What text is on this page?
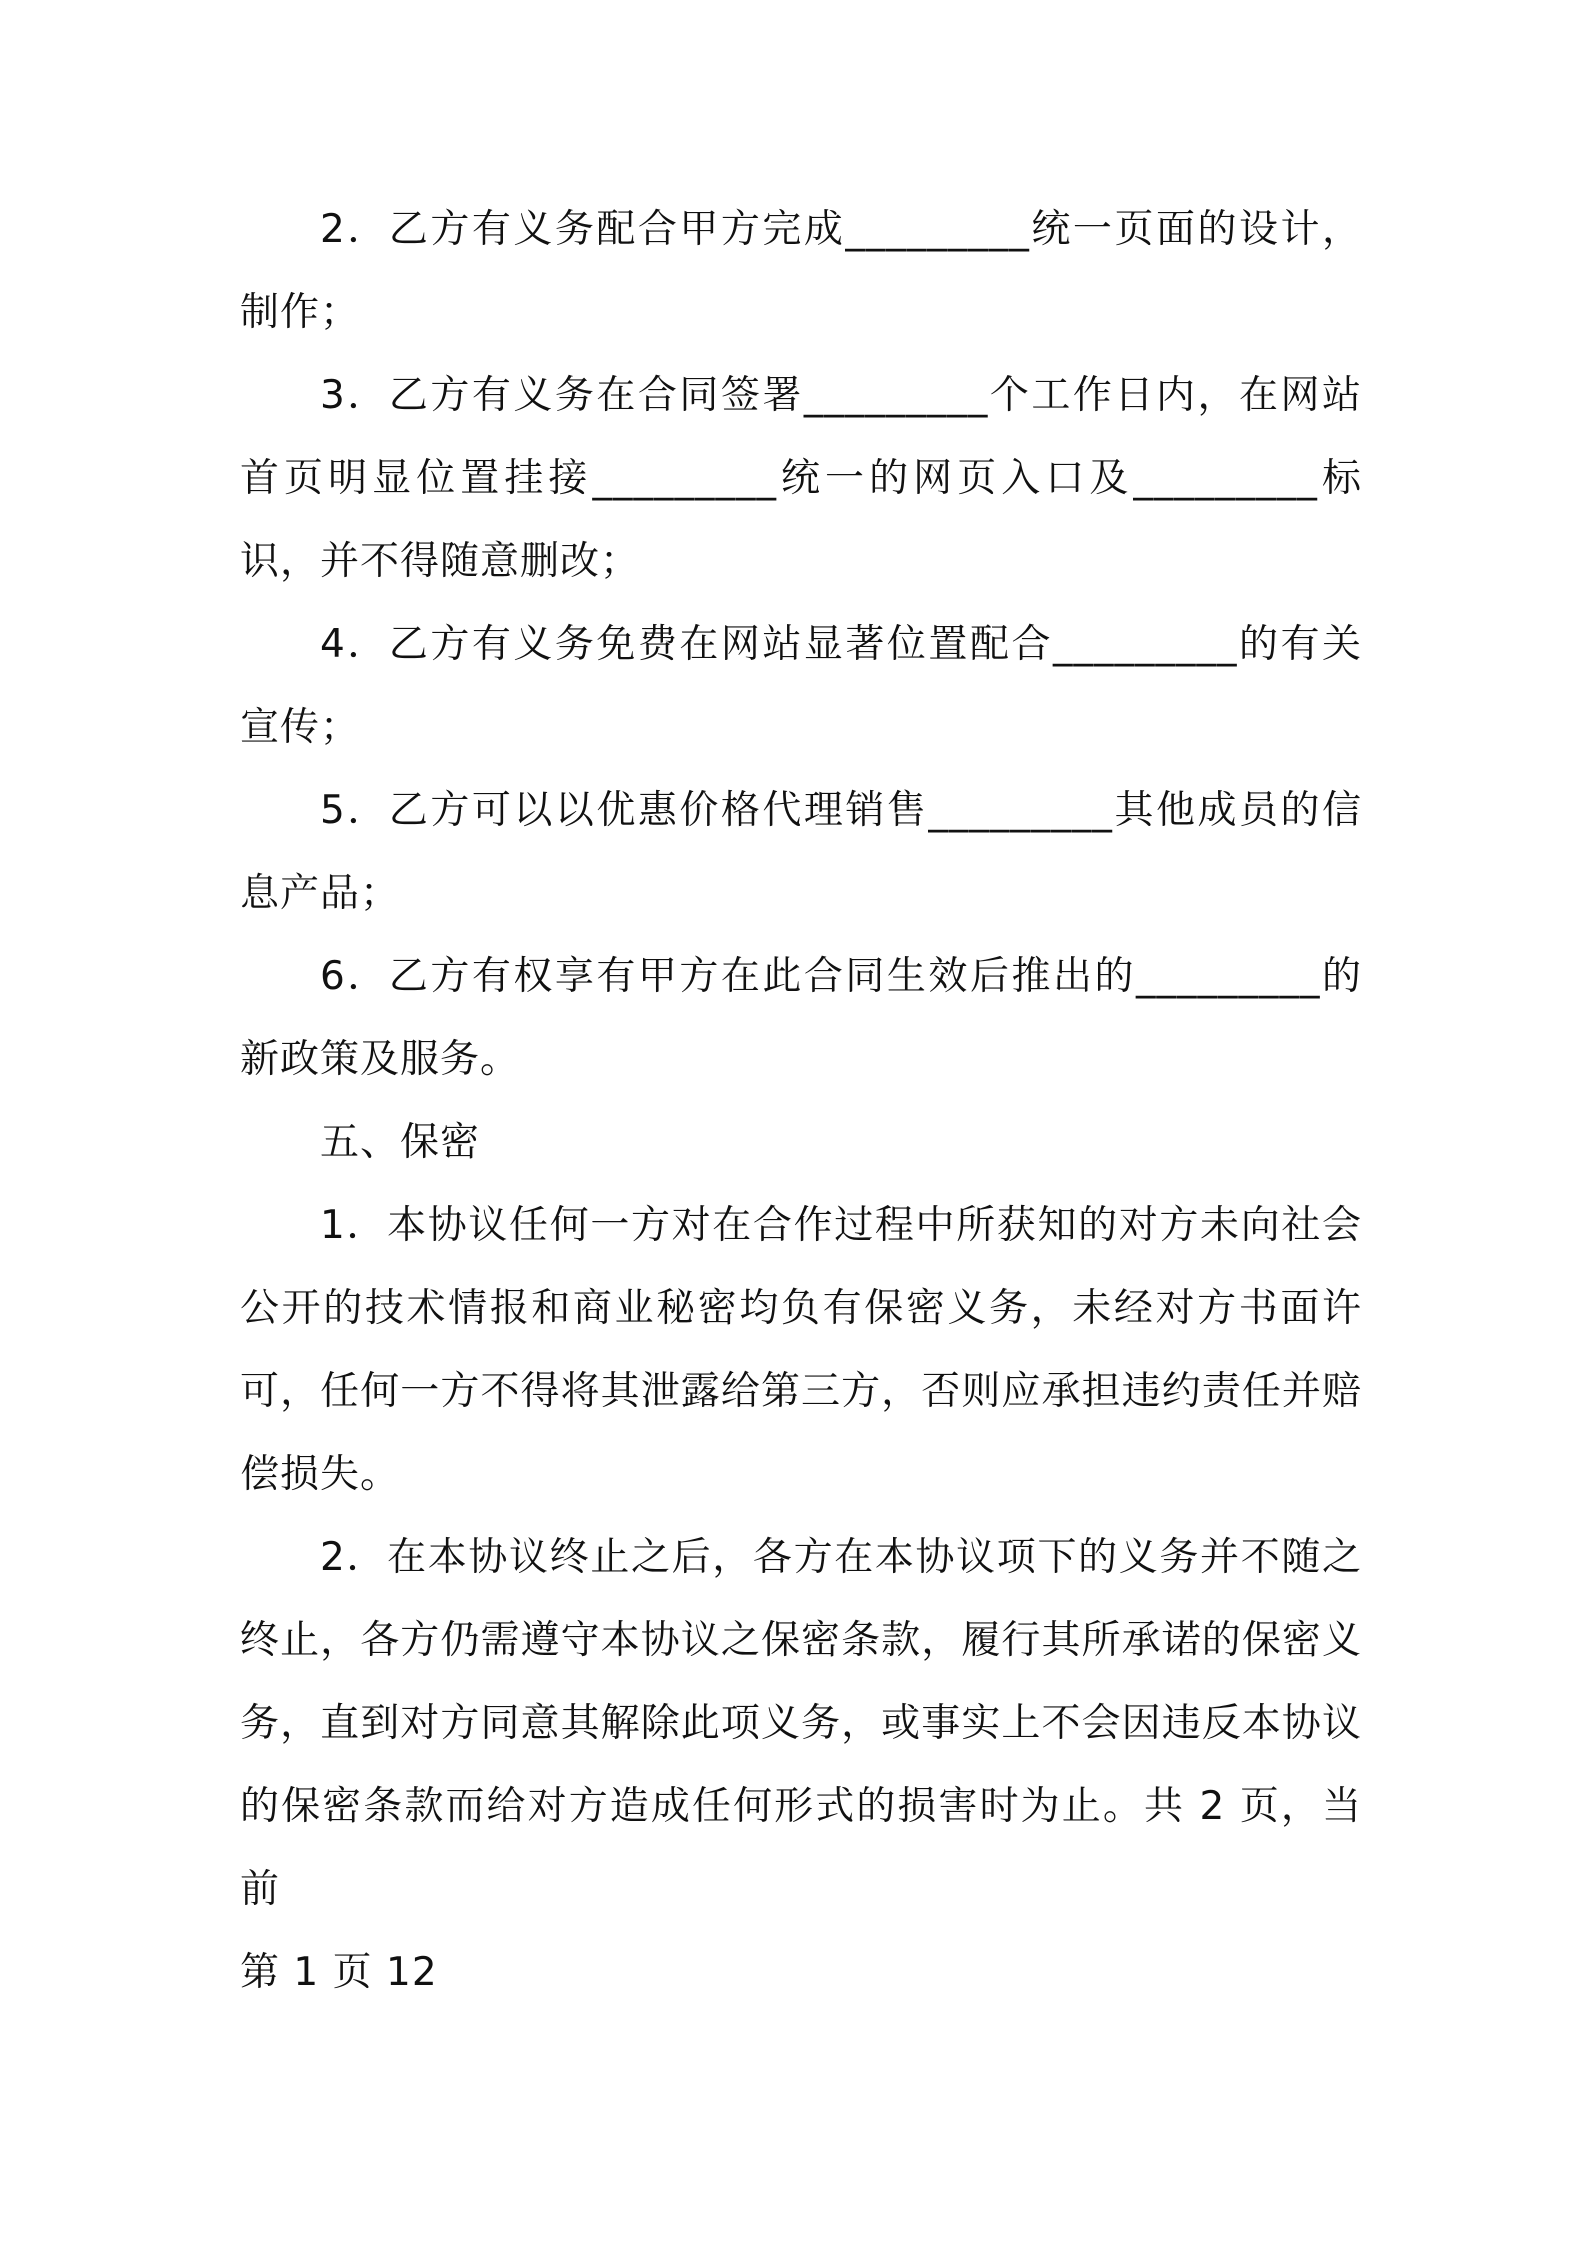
2．乙方有义务配合甲方完成_________统一页面的设计，制作；

3．乙方有义务在合同签署_________个工作日内，在网站首页明显位置挂接_________统一的网页入口及_________标识，并不得随意删改；

4．乙方有义务免费在网站显著位置配合_________的有关宣传；

5．乙方可以以优惠价格代理销售_________其他成员的信息产品；

6．乙方有权享有甲方在此合同生效后推出的_________的新政策及服务。

五、保密

1．本协议任何一方对在合作过程中所获知的对方未向社会公开的技术情报和商业秘密均负有保密义务，未经对方书面许可，任何一方不得将其泄露给第三方，否则应承担违约责任并赔偿损失。

2．在本协议终止之后，各方在本协议项下的义务并不随之终止，各方仍需遵守本协议之保密条款，履行其所承诺的保密义务，直到对方同意其解除此项义务，或事实上不会因违反本协议的保密条款而给对方造成任何形式的损害时为止。共 2 页，当前

第 1 页 12
